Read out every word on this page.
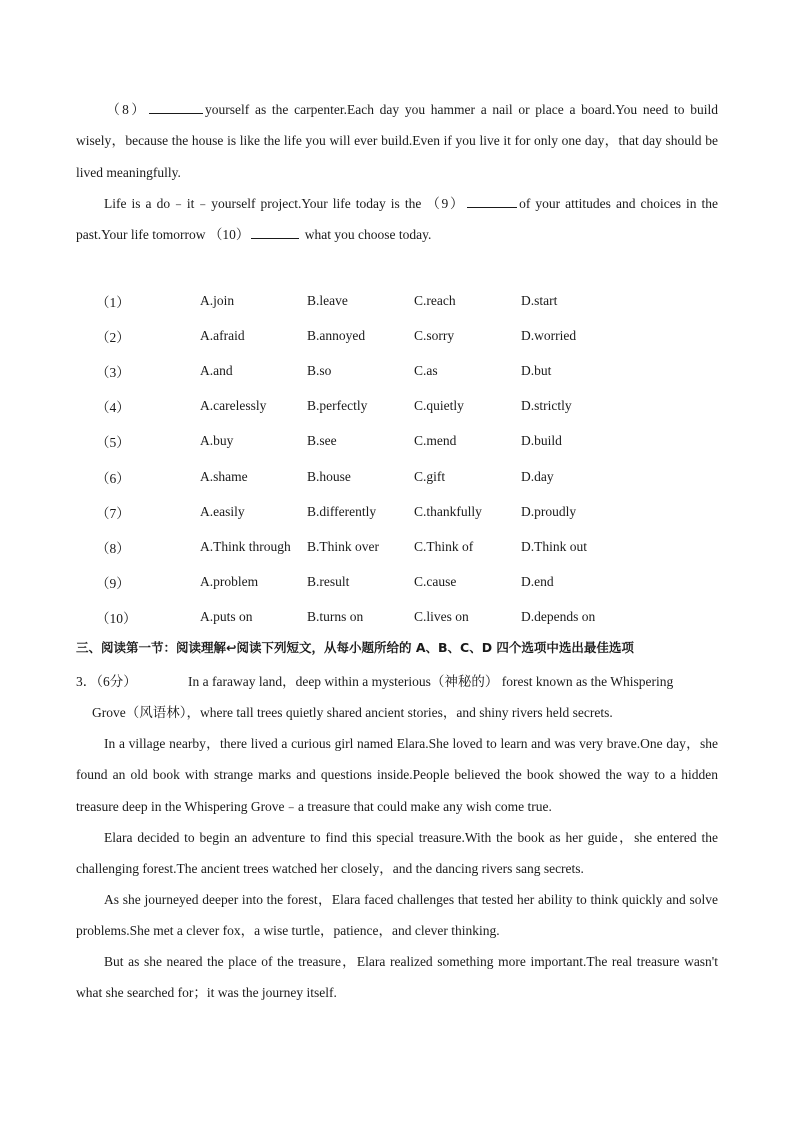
（8）	yourself as the carpenter.Each day you hammer a nail or place a board.You need to build wisely，because the house is like the life you will ever build.Even if you live it for only one day，that day should be lived meaningfully.

Life is a do﹣it﹣yourself project.Your life today is the （9）	of your attitudes and choices in the past.Your life tomorrow （10）	what you choose today.

（1）	A.join	B.leave	C.reach	D.start
（2）	A.afraid	B.annoyed	C.sorry	D.worried
（3）	A.and	B.so	C.as	D.but
（4）	A.carelessly	B.perfectly	C.quietly	D.strictly
（5）	A.buy	B.see	C.mend	D.build
（6）	A.shame	B.house	C.gift	D.day
（7）	A.easily	B.differently	C.thankfully	D.proudly
（8）	A.Think through	B.Think over	C.Think of	D.Think out
（9）	A.problem	B.result	C.cause	D.end
（10）	A.puts on	B.turns on	C.lives on	D.depends on
三、阅读第一节：阅读理解↩阅读下列短文，从每小题所给的 A、B、C、D 四个选项中选出最佳选项
3．（6分）	In a faraway land，deep within a mysterious（神秘的） forest known as the Whispering
Grove（风语林），where tall trees quietly shared ancient stories，and shiny rivers held secrets.

In a village nearby，there lived a curious girl named Elara.She loved to learn and was very brave.One day，she found an old book with strange marks and questions inside.People believed the book showed the way to a hidden treasure deep in the Whispering Grove﹣a treasure that could make any wish come true.

Elara decided to begin an adventure to find this special treasure.With the book as her guide，she entered the challenging forest.The ancient trees watched her closely，and the dancing rivers sang secrets.

As she journeyed deeper into the forest，Elara faced challenges that tested her ability to think quickly and solve problems.She met a clever fox，a wise turtle，patience，and clever thinking.

But as she neared the place of the treasure，Elara realized something more important.The real treasure wasn't what she searched for；it was the journey itself.
